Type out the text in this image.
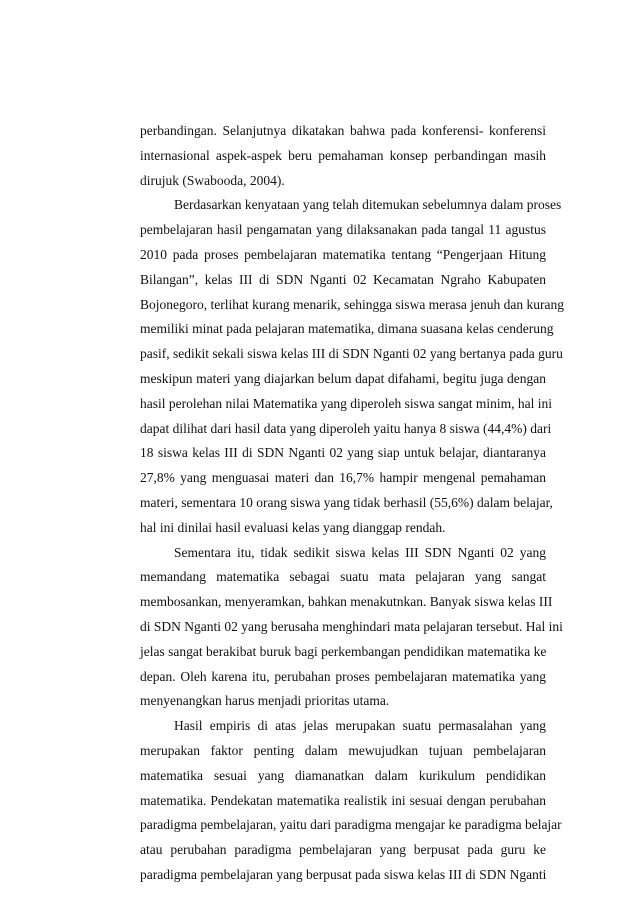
perbandingan. Selanjutnya dikatakan bahwa pada konferensi- konferensi
internasional aspek-aspek beru pemahaman konsep perbandingan masih
dirujuk (Swabooda, 2004).
Berdasarkan kenyataan yang telah ditemukan sebelumnya dalam proses
pembelajaran hasil pengamatan yang dilaksanakan pada tangal 11 agustus
2010 pada proses pembelajaran matematika tentang “Pengerjaan Hitung
Bilangan”, kelas III di SDN Nganti 02 Kecamatan Ngraho Kabupaten
Bojonegoro, terlihat kurang menarik, sehingga siswa merasa jenuh dan kurang
memiliki minat pada pelajaran matematika, dimana suasana kelas cenderung
pasif, sedikit sekali siswa kelas III di SDN Nganti 02 yang bertanya pada guru
meskipun materi yang diajarkan belum dapat difahami, begitu juga dengan
hasil perolehan nilai Matematika yang diperoleh siswa sangat minim, hal ini
dapat dilihat dari hasil data yang diperoleh yaitu hanya 8 siswa (44,4%) dari
18 siswa kelas III di SDN Nganti 02 yang siap untuk belajar, diantaranya
27,8% yang menguasai materi dan 16,7% hampir mengenal pemahaman
materi, sementara 10 orang siswa yang tidak berhasil (55,6%) dalam belajar,
hal ini dinilai hasil evaluasi kelas yang dianggap rendah.
Sementara itu, tidak sedikit siswa kelas III SDN Nganti 02 yang
memandang matematika sebagai suatu mata pelajaran yang sangat
membosankan, menyeramkan, bahkan menakutnkan. Banyak siswa kelas III
di SDN Nganti 02 yang berusaha menghindari mata pelajaran tersebut. Hal ini
jelas sangat berakibat buruk bagi perkembangan pendidikan matematika ke
depan. Oleh karena itu, perubahan proses pembelajaran matematika yang
menyenangkan harus menjadi prioritas utama.
Hasil empiris di atas jelas merupakan suatu permasalahan yang
merupakan faktor penting dalam mewujudkan tujuan pembelajaran
matematika sesuai yang diamanatkan dalam kurikulum pendidikan
matematika. Pendekatan matematika realistik ini sesuai dengan perubahan
paradigma pembelajaran, yaitu dari paradigma mengajar ke paradigma belajar
atau perubahan paradigma pembelajaran yang berpusat pada guru ke
paradigma pembelajaran yang berpusat pada siswa kelas III di SDN Nganti
